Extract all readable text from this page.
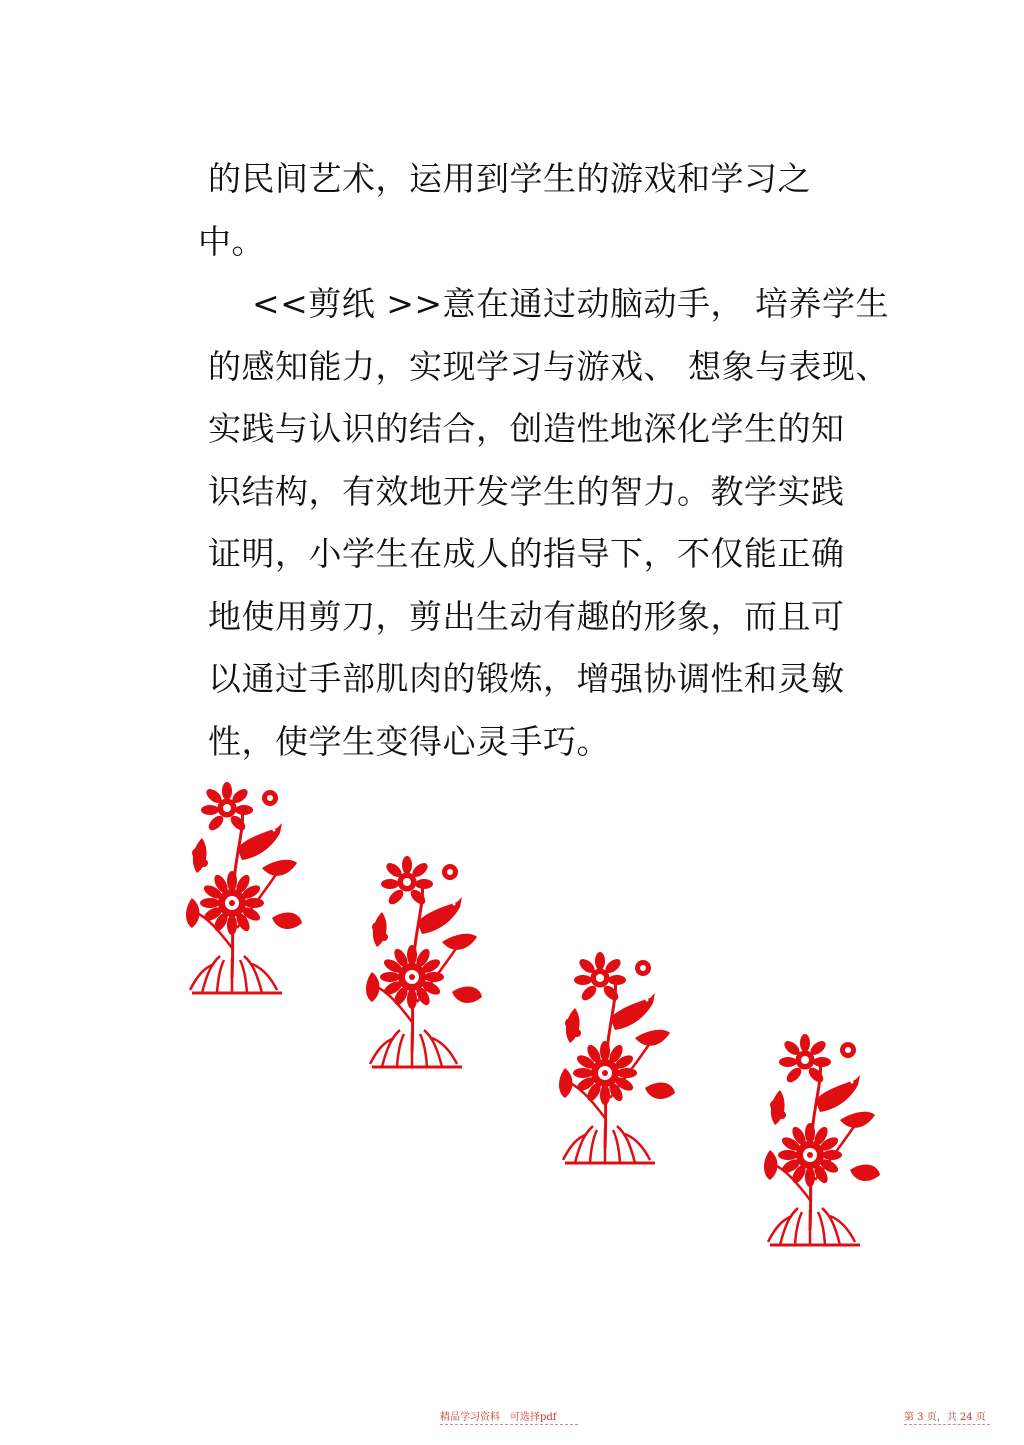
的民间艺术，运用到学生的游戏和学习之
中。
<<剪纸 >>意在通过动脑动手， 培养学生
的感知能力，实现学习与游戏、 想象与表现、
实践与认识的结合，创造性地深化学生的知
识结构，有效地开发学生的智力。教学实践
证明，小学生在成人的指导下，不仅能正确
地使用剪刀，剪出生动有趣的形象，而且可
以通过手部肌肉的锻炼，增强协调性和灵敏
性，使学生变得心灵手巧。
精品学习资料　可选择pdf	第 3 页，共 24 页
